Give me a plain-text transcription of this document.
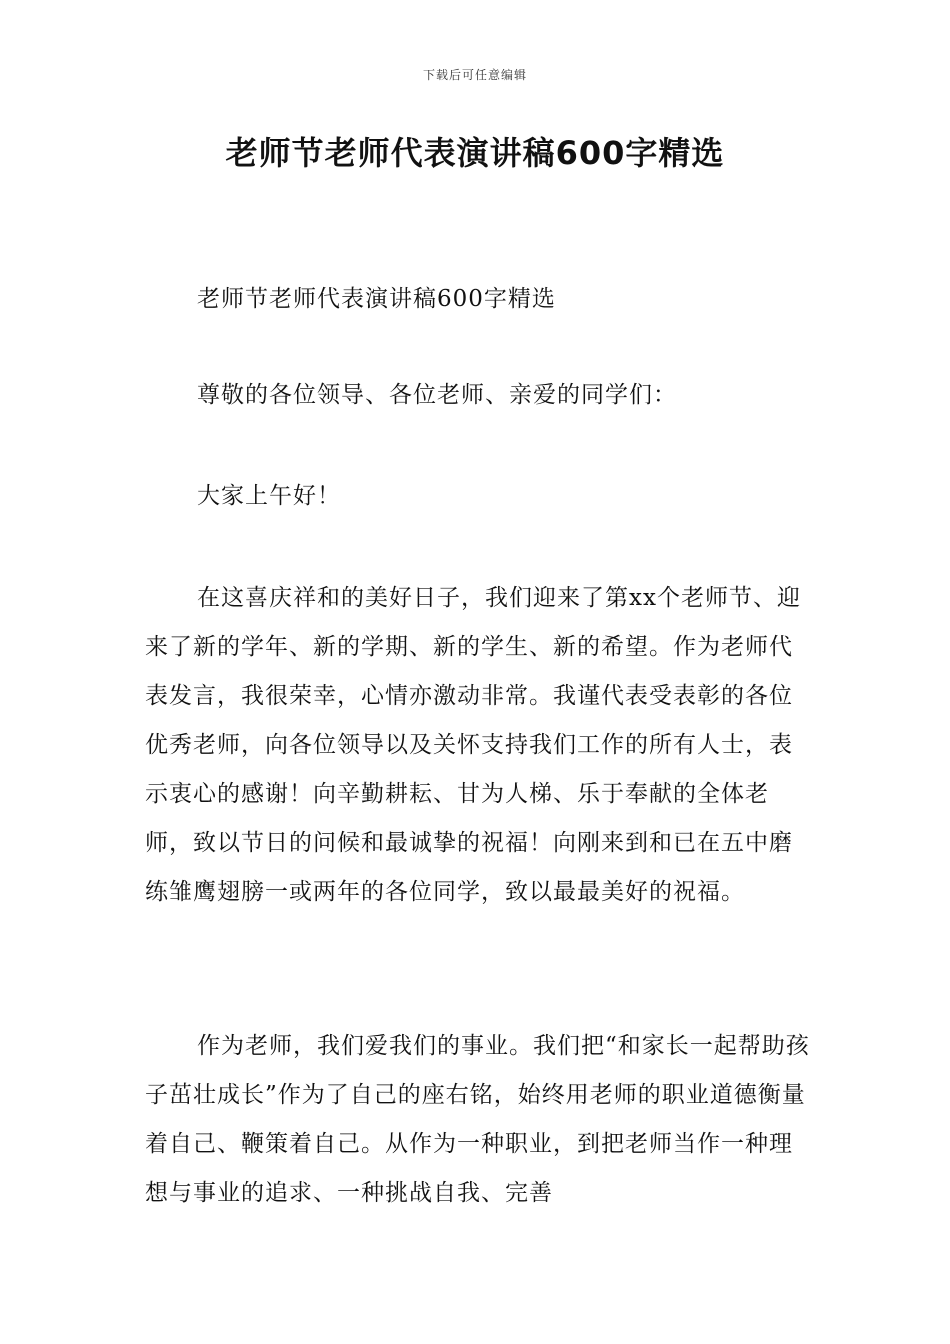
下载后可任意编辑
老师节老师代表演讲稿600字精选

老师节老师代表演讲稿600字精选

尊敬的各位领导、各位老师、亲爱的同学们：

大家上午好！

在这喜庆祥和的美好日子，我们迎来了第xx个老师节、迎来了新的学年、新的学期、新的学生、新的希望。作为老师代表发言，我很荣幸，心情亦激动非常。我谨代表受表彰的各位优秀老师，向各位领导以及关怀支持我们工作的所有人士，表示衷心的感谢！向辛勤耕耘、甘为人梯、乐于奉献的全体老师，致以节日的问候和最诚挚的祝福！向刚来到和已在五中磨练雏鹰翅膀一或两年的各位同学，致以最最美好的祝福。

作为老师，我们爱我们的事业。我们把“和家长一起帮助孩子茁壮成长”作为了自己的座右铭，始终用老师的职业道德衡量着自己、鞭策着自己。从作为一种职业，到把老师当作一种理想与事业的追求、一种挑战自我、完善
